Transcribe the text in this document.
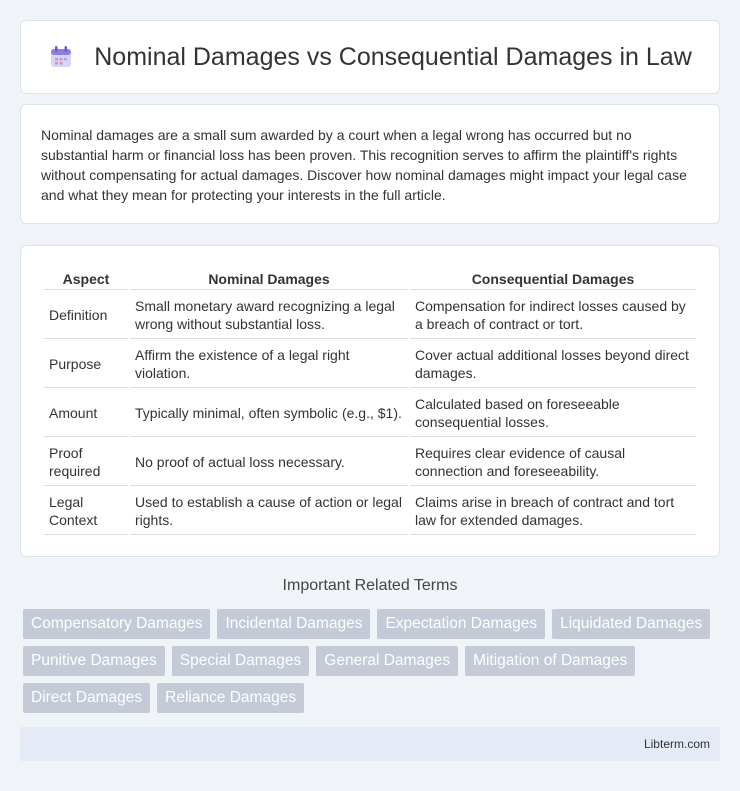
Nominal Damages vs Consequential Damages in Law

Nominal damages are a small sum awarded by a court when a legal wrong has occurred but no substantial harm or financial loss has been proven. This recognition serves to affirm the plaintiff's rights without compensating for actual damages. Discover how nominal damages might impact your legal case and what they mean for protecting your interests in the full article.

Aspect	Nominal Damages	Consequential Damages
Definition	Small monetary award recognizing a legal wrong without substantial loss.	Compensation for indirect losses caused by a breach of contract or tort.
Purpose	Affirm the existence of a legal right violation.	Cover actual additional losses beyond direct damages.
Amount	Typically minimal, often symbolic (e.g., $1).	Calculated based on foreseeable consequential losses.
Proof required	No proof of actual loss necessary.	Requires clear evidence of causal connection and foreseeability.
Legal Context	Used to establish a cause of action or legal rights.	Claims arise in breach of contract and tort law for extended damages.
Important Related Terms
Compensatory Damages	Incidental Damages	Expectation Damages	Liquidated Damages
Punitive Damages	Special Damages	General Damages	Mitigation of Damages
Direct Damages	Reliance Damages
Libterm.com
